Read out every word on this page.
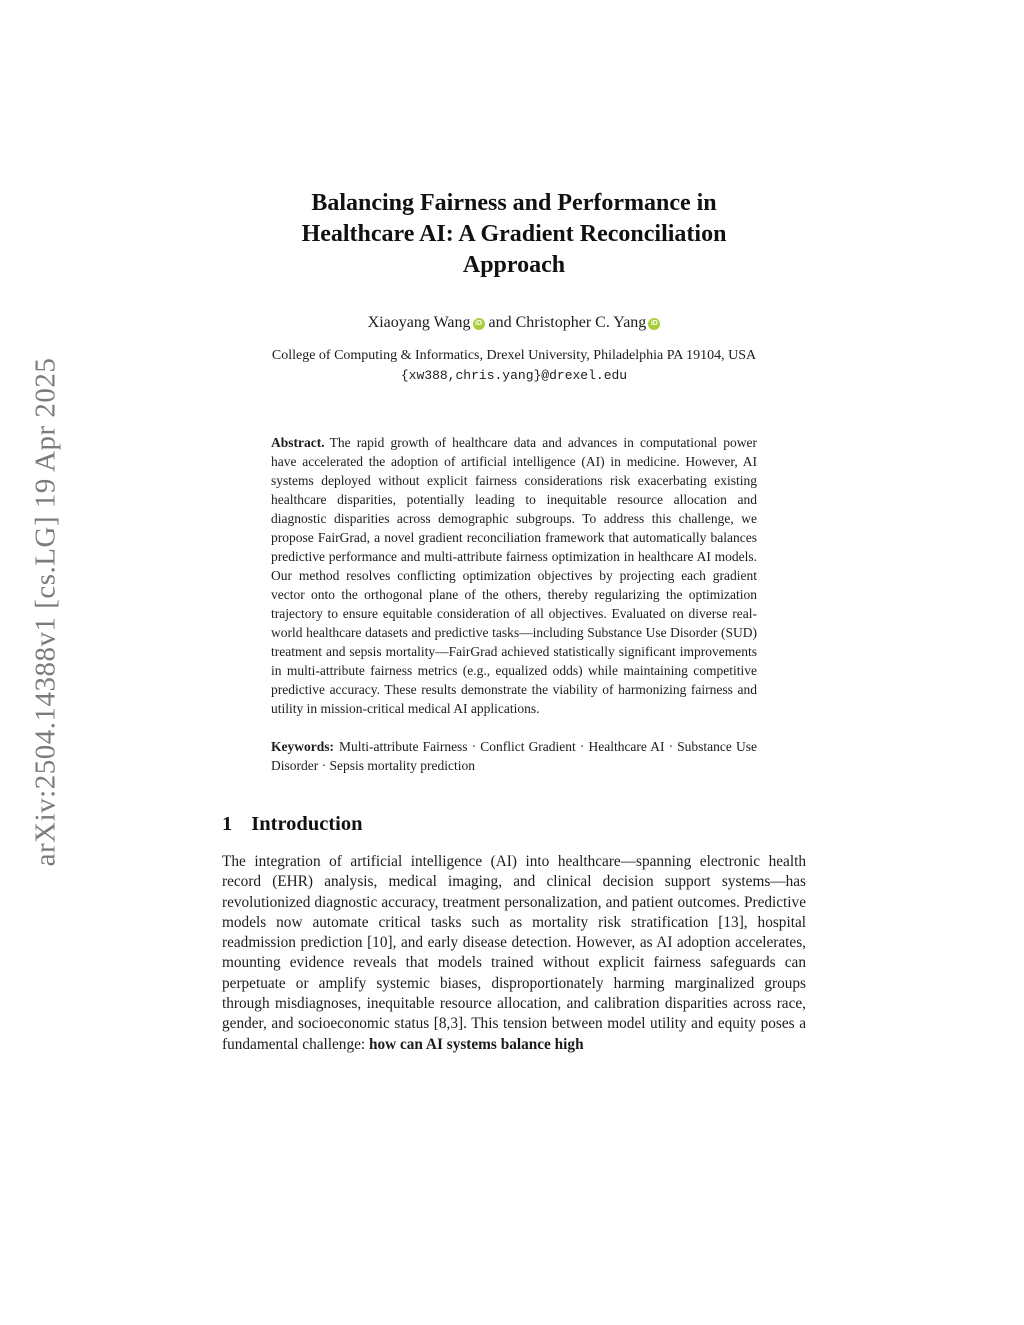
arXiv:2504.14388v1 [cs.LG] 19 Apr 2025
Balancing Fairness and Performance in
Healthcare AI: A Gradient Reconciliation
Approach
Xiaoyang Wang iD and Christopher C. Yang iD
College of Computing & Informatics, Drexel University, Philadelphia PA 19104, USA
{xw388,chris.yang}@drexel.edu

Abstract. The rapid growth of healthcare data and advances in computational power have accelerated the adoption of artificial intelligence (AI) in medicine. However, AI systems deployed without explicit fairness considerations risk exacerbating existing healthcare disparities, potentially leading to inequitable resource allocation and diagnostic disparities across demographic subgroups. To address this challenge, we propose FairGrad, a novel gradient reconciliation framework that automatically balances predictive performance and multi-attribute fairness optimization in healthcare AI models. Our method resolves conflicting optimization objectives by projecting each gradient vector onto the orthogonal plane of the others, thereby regularizing the optimization trajectory to ensure equitable consideration of all objectives. Evaluated on diverse real-world healthcare datasets and predictive tasks—including Substance Use Disorder (SUD) treatment and sepsis mortality—FairGrad achieved statistically significant improvements in multi-attribute fairness metrics (e.g., equalized odds) while maintaining competitive predictive accuracy. These results demonstrate the viability of harmonizing fairness and utility in mission-critical medical AI applications.

Keywords: Multi-attribute Fairness · Conflict Gradient · Healthcare AI · Substance Use Disorder · Sepsis mortality prediction

1 Introduction

The integration of artificial intelligence (AI) into healthcare—spanning electronic health record (EHR) analysis, medical imaging, and clinical decision support systems—has revolutionized diagnostic accuracy, treatment personalization, and patient outcomes. Predictive models now automate critical tasks such as mortality risk stratification [13], hospital readmission prediction [10], and early disease detection. However, as AI adoption accelerates, mounting evidence reveals that models trained without explicit fairness safeguards can perpetuate or amplify systemic biases, disproportionately harming marginalized groups through misdiagnoses, inequitable resource allocation, and calibration disparities across race, gender, and socioeconomic status [8,3]. This tension between model utility and equity poses a fundamental challenge: how can AI systems balance high
